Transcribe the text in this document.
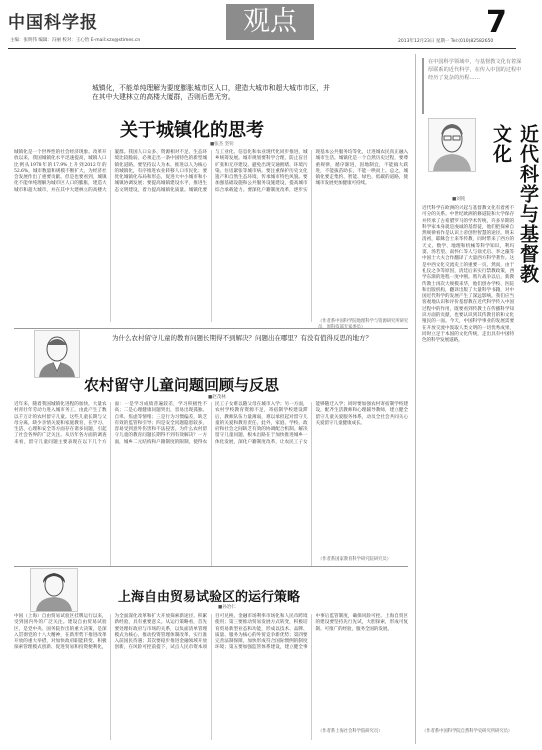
中国科学报
主编：张明伟 编辑：冯丽 校对：王心怡 E-mail:xzx@stimes.cn
观点	7
2013年12月23日 星期一 Tel:(010)82582650
城镇化，不能单纯理解为要度膨胀城市区人口，建造大城市和超大城市市区，并在其中大建林立的高楼大厦群，否则后患无穷。
关于城镇化的思考
■张杰 坚钊
城镇化是一个世界性的社会经济现象。改革开放以来，我国城镇化水平迅速提高，城镇人口比例从1978年的17.9%上升到2012年的52.6%，城市数量和规模不断扩大，为经济社会发展作出了重要贡献。但是也要看到，城镇化不能单纯理解为城市区人口的膨胀，建造大城市和超大城市，并在其中大建林立的高楼大厦群。我国人口众多、资源相对不足、生态环境比较脆弱，必须走出一条中国特色的新型城镇化道路。要坚持以人为本，推进以人为核心的城镇化，有序推进农业转移人口市民化；要优化城镇化布局和形态，促进大中小城市和小城镇协调发展；要提高城镇建设水平，推进生态文明建设，着力提高城镇化质量。城镇化要与工业化、信息化和农业现代化同步推进，城乡统筹发展。城市规划要科学合理，防止盲目扩张和无序建设，避免出现交通拥堵、环境污染、住房紧张等城市病。要注重保护历史文化遗产和自然生态环境，传承城市特色风貌。要加强基础设施和公共服务设施建设，提高城市综合承载能力。要深化户籍制度改革，逐步实现基本公共服务均等化，让进城农民真正融入城市生活。城镇化是一个自然历史过程，要尊重规律，循序渐进，因地制宜，不能搞大跃进，不能拔苗助长，不能一哄而上。总之，城镇化要走集约、智能、绿色、低碳的道路，使城市发展更加健康可持续。
（作者系中国科学院地理科学与资源研究所研究
为什么农村留守儿童的教育问题长期得不到解决？问题出在哪里？有没有值得反思的地方？
农村留守儿童问题回顾与反思
■赵茂林
近年来，随着我国城镇化进程的加快，大量农村青壮年劳动力进入城市务工，由此产生了数以千万计的农村留守儿童。这些儿童长期与父母分离，缺少亲情关爱和家庭教育，在学习、生活、心理和安全等方面存在诸多问题，引起了社会各界的广泛关注。从历年各方面的调查来看，留守儿童问题主要表现在以下几个方面：一是学习成绩普遍较差，学习积极性不高；二是心理健康问题突出，容易出现孤独、自卑、焦虑等情绪；三是行为习惯偏差，缺乏有效的监管和引导；四是安全问题隐患较多，容易受到意外伤害和不法侵害。为什么农村留守儿童的教育问题长期得不到有效解决？一方面，城乡二元结构和户籍制度的限制，使得农民工子女难以随父母在城市入学；另一方面，农村学校教育资源不足，寄宿制学校建设滞后，教师队伍力量薄弱，难以承担起对留守儿童的关爱和教育责任。此外，家庭、学校、政府和社会之间缺乏有效的协调配合机制。解决留守儿童问题，根本出路在于加快推进城乡一体化发展，深化户籍制度改革，让农民工子女能够随迁入学；同时要加强农村寄宿制学校建设，配齐生活教师和心理辅导教师，建立健全留守儿童关爱服务体系，动员全社会共同关心关爱留守儿童健康成长。
（作者系国家教育科学研究院研究员）
上海自由贸易试验区的运行策略
■孙冶仁
中国（上海）自由贸易试验区挂牌运行以来，受到国内外的广泛关注。建设自由贸易试验区，是党中央、国务院作出的重大决策，是深入贯彻党的十八大精神，在新形势下推进改革开放的重大举措，对加快政府职能转变、积极探索管理模式创新、促进贸易和投资便利化，为全面深化改革和扩大开放探索新途径、积累新经验，具有重要意义。从运行策略看，首先要处理好政府与市场的关系，以负面清单管理模式为核心，推动投资管理体制改革，实行准入前国民待遇；其次要稳步推进金融领域开放创新，在风险可控前提下，试点人民币资本项目可兑换、金融市场利率市场化和人民币跨境使用；第三要推动贸易发展方式转变，积极培育贸易新型业态和功能，形成以技术、品牌、质量、服务为核心的外贸竞争新优势；第四要完善法制保障，加快形成符合国际惯例的制度环境；第五要加强监管体系建设，建立健全事中事后监管制度，确保风险可控。上海自贸区的建设要坚持先行先试，大胆探索，形成可复制、可推广的经验，服务全国的发展。
（作者系上海社会科学院研究员）
在中国科学领域中，与基督教文化有着深厚联系的近代科学，在传入中国的过程中经历了复杂的历程……
近代科学与基督教文化
■刘钝
近代科学在欧洲的兴起与基督教文化有着密不可分的关系。中世纪欧洲的修道院和大学保存并传承了古希腊罗马的学术传统，许多早期的科学家本身就是虔诚的基督徒，他们把探索自然规律看作是认识上帝创世智慧的途径。明末清初，耶稣会士来华传教，同时带来了西方的天文、数学、地理和机械等科学知识，利玛窦、汤若望、南怀仁等人与徐光启、李之藻等中国士大夫合作翻译了大量西方科学著作。这是中西文化交流史上的重要一页。然而，由于礼仪之争等原因，清廷后来实行禁教政策，西学东渐的进程一度中断。鸦片战争以后，新教传教士再次大规模来华，他们创办学校、医院和出版机构，翻译出版了大量科学书籍，对中国近代科学的发展产生了深远影响。我们应当客观地认识和评价基督教在近代科学传入中国过程中的作用，既要看到传教士在传播科学知识方面的贡献，也要认识到其传教目的和文化殖民的一面。今天，中国科学事业的发展需要在开放交流中汲取人类文明的一切优秀成果，同时立足于本国的文化传统，走出具有中国特色的科学发展道路。
（作者系中国科学院自然科学史研究所研究员）
